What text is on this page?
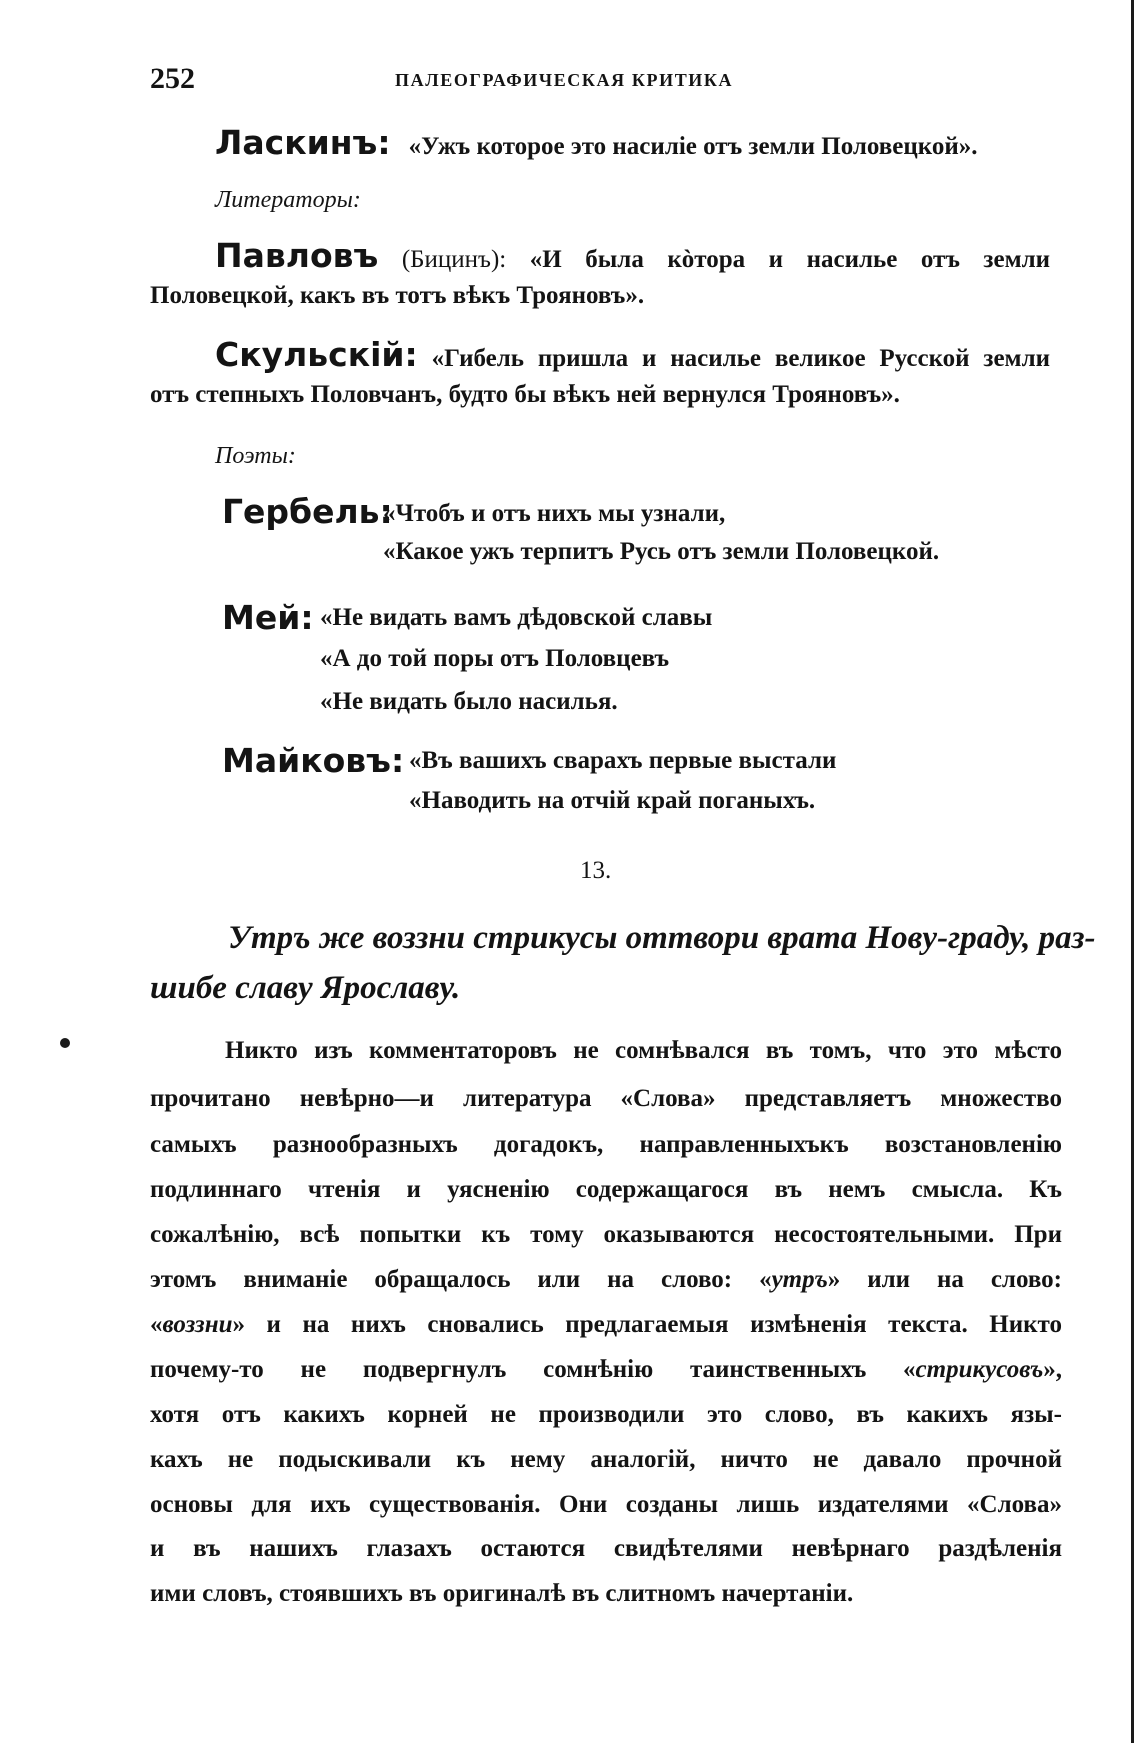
252	ПАЛЕОГРАФИЧЕСКАЯ КРИТИКА
Ласкинъ: «Ужъ которое это насиліе отъ земли Половецкой».
Литераторы:
Павловъ (Бицинъ): «И была кòтора и насилье отъ земли
Половецкой, какъ въ тотъ вѣкъ Трояновъ».
Скульскій: «Гибель пришла и насилье великое Русской земли
отъ степныхъ Половчанъ, будто бы вѣкъ ней вернулся Трояновъ».
Поэты:
Гербель:
«Чтобъ и отъ нихъ мы узнали,
«Какое ужъ терпитъ Русь отъ земли Половецкой.
Мей: «Не видать вамъ дѣдовской славы
«А до той поры отъ Половцевъ
«Не видать было насилья.
Майковъ: «Въ вашихъ сварахъ первые выстали
«Наводить на отчій край поганыхъ.
13.
Утръ же воззни стрикусы оттвори врата Нову-граду, раз-
шибе славу Ярославу.
Никто изъ комментаторовъ не сомнѣвался въ томъ, что это мѣсто
прочитано невѣрно—и литература «Слова» представляетъ множество
самыхъ разнообразныхъ догадокъ, направленныхъкъ возстановленію
подлиннаго чтенія и уясненію содержащагося въ немъ смысла. Къ
сожалѣнію, всѣ попытки къ тому оказываются несостоятельными. При
этомъ вниманіе обращалось или на слово: «утръ» или на слово:
«воззни» и на нихъ сновались предлагаемыя измѣненія текста. Никто
почему-то не подвергнулъ сомнѣнію таинственныхъ «стрикусовъ»,
хотя отъ какихъ корней не производили это слово, въ какихъ язы-
кахъ не подыскивали къ нему аналогій, ничто не давало прочной
основы для ихъ существованія. Они созданы лишь издателями «Слова»
и въ нашихъ глазахъ остаются свидѣтелями невѣрнаго раздѣленія
ими словъ, стоявшихъ въ оригиналѣ въ слитномъ начертаніи.
